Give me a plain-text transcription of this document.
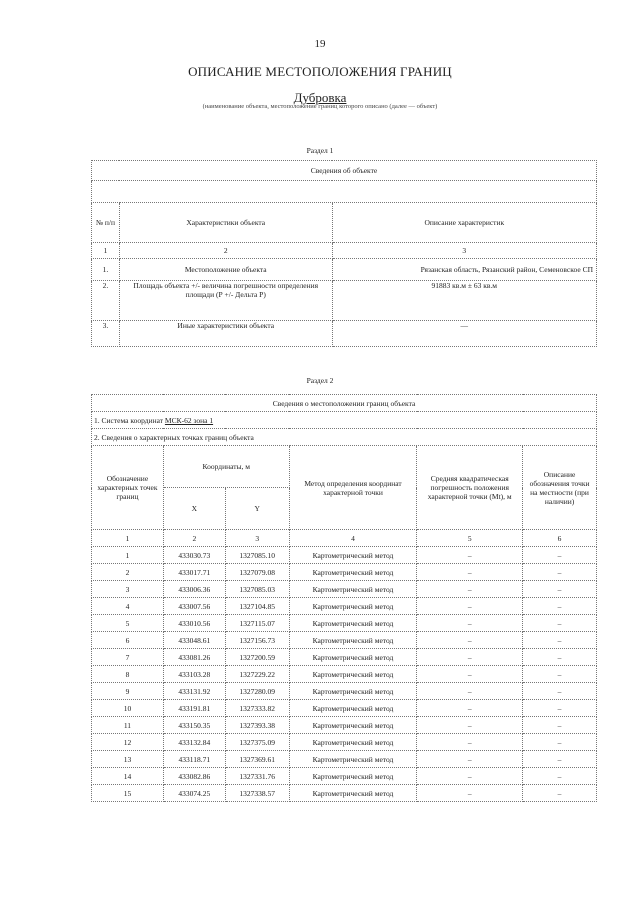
19
ОПИСАНИЕ МЕСТОПОЛОЖЕНИЯ ГРАНИЦ
Дубровка
(наименование объекта, местоположение границ которого описано (далее — объект)
Раздел 1
Сведения об объекте		

№ п/п	Характеристики объекта	Описание характеристик
1	2	3
1.	Местоположение объекта	Рязанская область, Рязанский район, Семеновское СП
2.	Площадь объекта +/- величина погрешности определения площади (Р +/- Дельта Р)	91883 кв.м ± 63 кв.м
3.	Иные характеристики объекта	—
Раздел 2
Сведения о местоположении границ объекта					
1. Система координат МСК-62 зона 1					
2. Сведения о характерных точках границ объекта					
Обозначение характерных точек границ	Координаты, м		Метод определения координат характерной точки	Средняя квадратическая погрешность положения характерной точки (Мt), м	Описание обозначения точки на местности (при наличии)
	X	Y			
1	2	3	4	5	6
1	433030.73	1327085.10	Картометрический метод	–	–
2	433017.71	1327079.08	Картометрический метод	–	–
3	433006.36	1327085.03	Картометрический метод	–	–
4	433007.56	1327104.85	Картометрический метод	–	–
5	433010.56	1327115.07	Картометрический метод	–	–
6	433048.61	1327156.73	Картометрический метод	–	–
7	433081.26	1327200.59	Картометрический метод	–	–
8	433103.28	1327229.22	Картометрический метод	–	–
9	433131.92	1327280.09	Картометрический метод	–	–
10	433191.81	1327333.82	Картометрический метод	–	–
11	433150.35	1327393.38	Картометрический метод	–	–
12	433132.84	1327375.09	Картометрический метод	–	–
13	433118.71	1327369.61	Картометрический метод	–	–
14	433082.86	1327331.76	Картометрический метод	–	–
15	433074.25	1327338.57	Картометрический метод	–	–
